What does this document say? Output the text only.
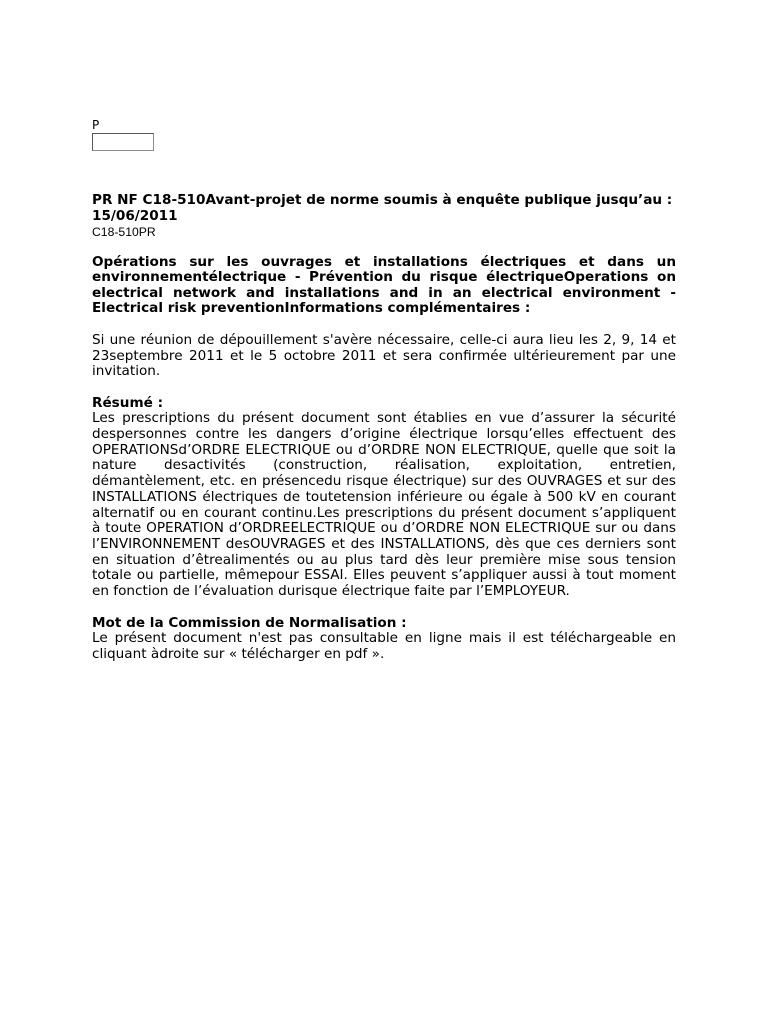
P

PR NF C18-510Avant-projet de norme soumis à enquête publique jusqu’au :
15/06/2011

C18-510PR

Opérations sur les ouvrages et installations électriques et dans un environnementélectrique - Prévention du risque électriqueOperations on electrical network and installations and in an electrical environment - Electrical risk preventionInformations complémentaires :

Si une réunion de dépouillement s'avère nécessaire, celle-ci aura lieu les 2, 9, 14 et 23septembre 2011 et le 5 octobre 2011 et sera confirmée ultérieurement par une invitation.

Résumé :

Les prescriptions du présent document sont établies en vue d’assurer la sécurité despersonnes contre les dangers d’origine électrique lorsqu’elles effectuent des OPERATIONSd’ORDRE ELECTRIQUE ou d’ORDRE NON ELECTRIQUE, quelle que soit la nature desactivités (construction, réalisation, exploitation, entretien, démantèlement, etc. en présencedu risque électrique) sur des OUVRAGES et sur des INSTALLATIONS électriques de toutetension inférieure ou égale à 500 kV en courant alternatif ou en courant continu.Les prescriptions du présent document s’appliquent à toute OPERATION d’ORDREELECTRIQUE ou d’ORDRE NON ELECTRIQUE sur ou dans l’ENVIRONNEMENT desOUVRAGES et des INSTALLATIONS, dès que ces derniers sont en situation d’êtrealimentés ou au plus tard dès leur première mise sous tension totale ou partielle, mêmepour ESSAI. Elles peuvent s’appliquer aussi à tout moment en fonction de l’évaluation durisque électrique faite par l’EMPLOYEUR.

Mot de la Commission de Normalisation :

Le présent document n'est pas consultable en ligne mais il est téléchargeable en cliquant àdroite sur « télécharger en pdf ».
